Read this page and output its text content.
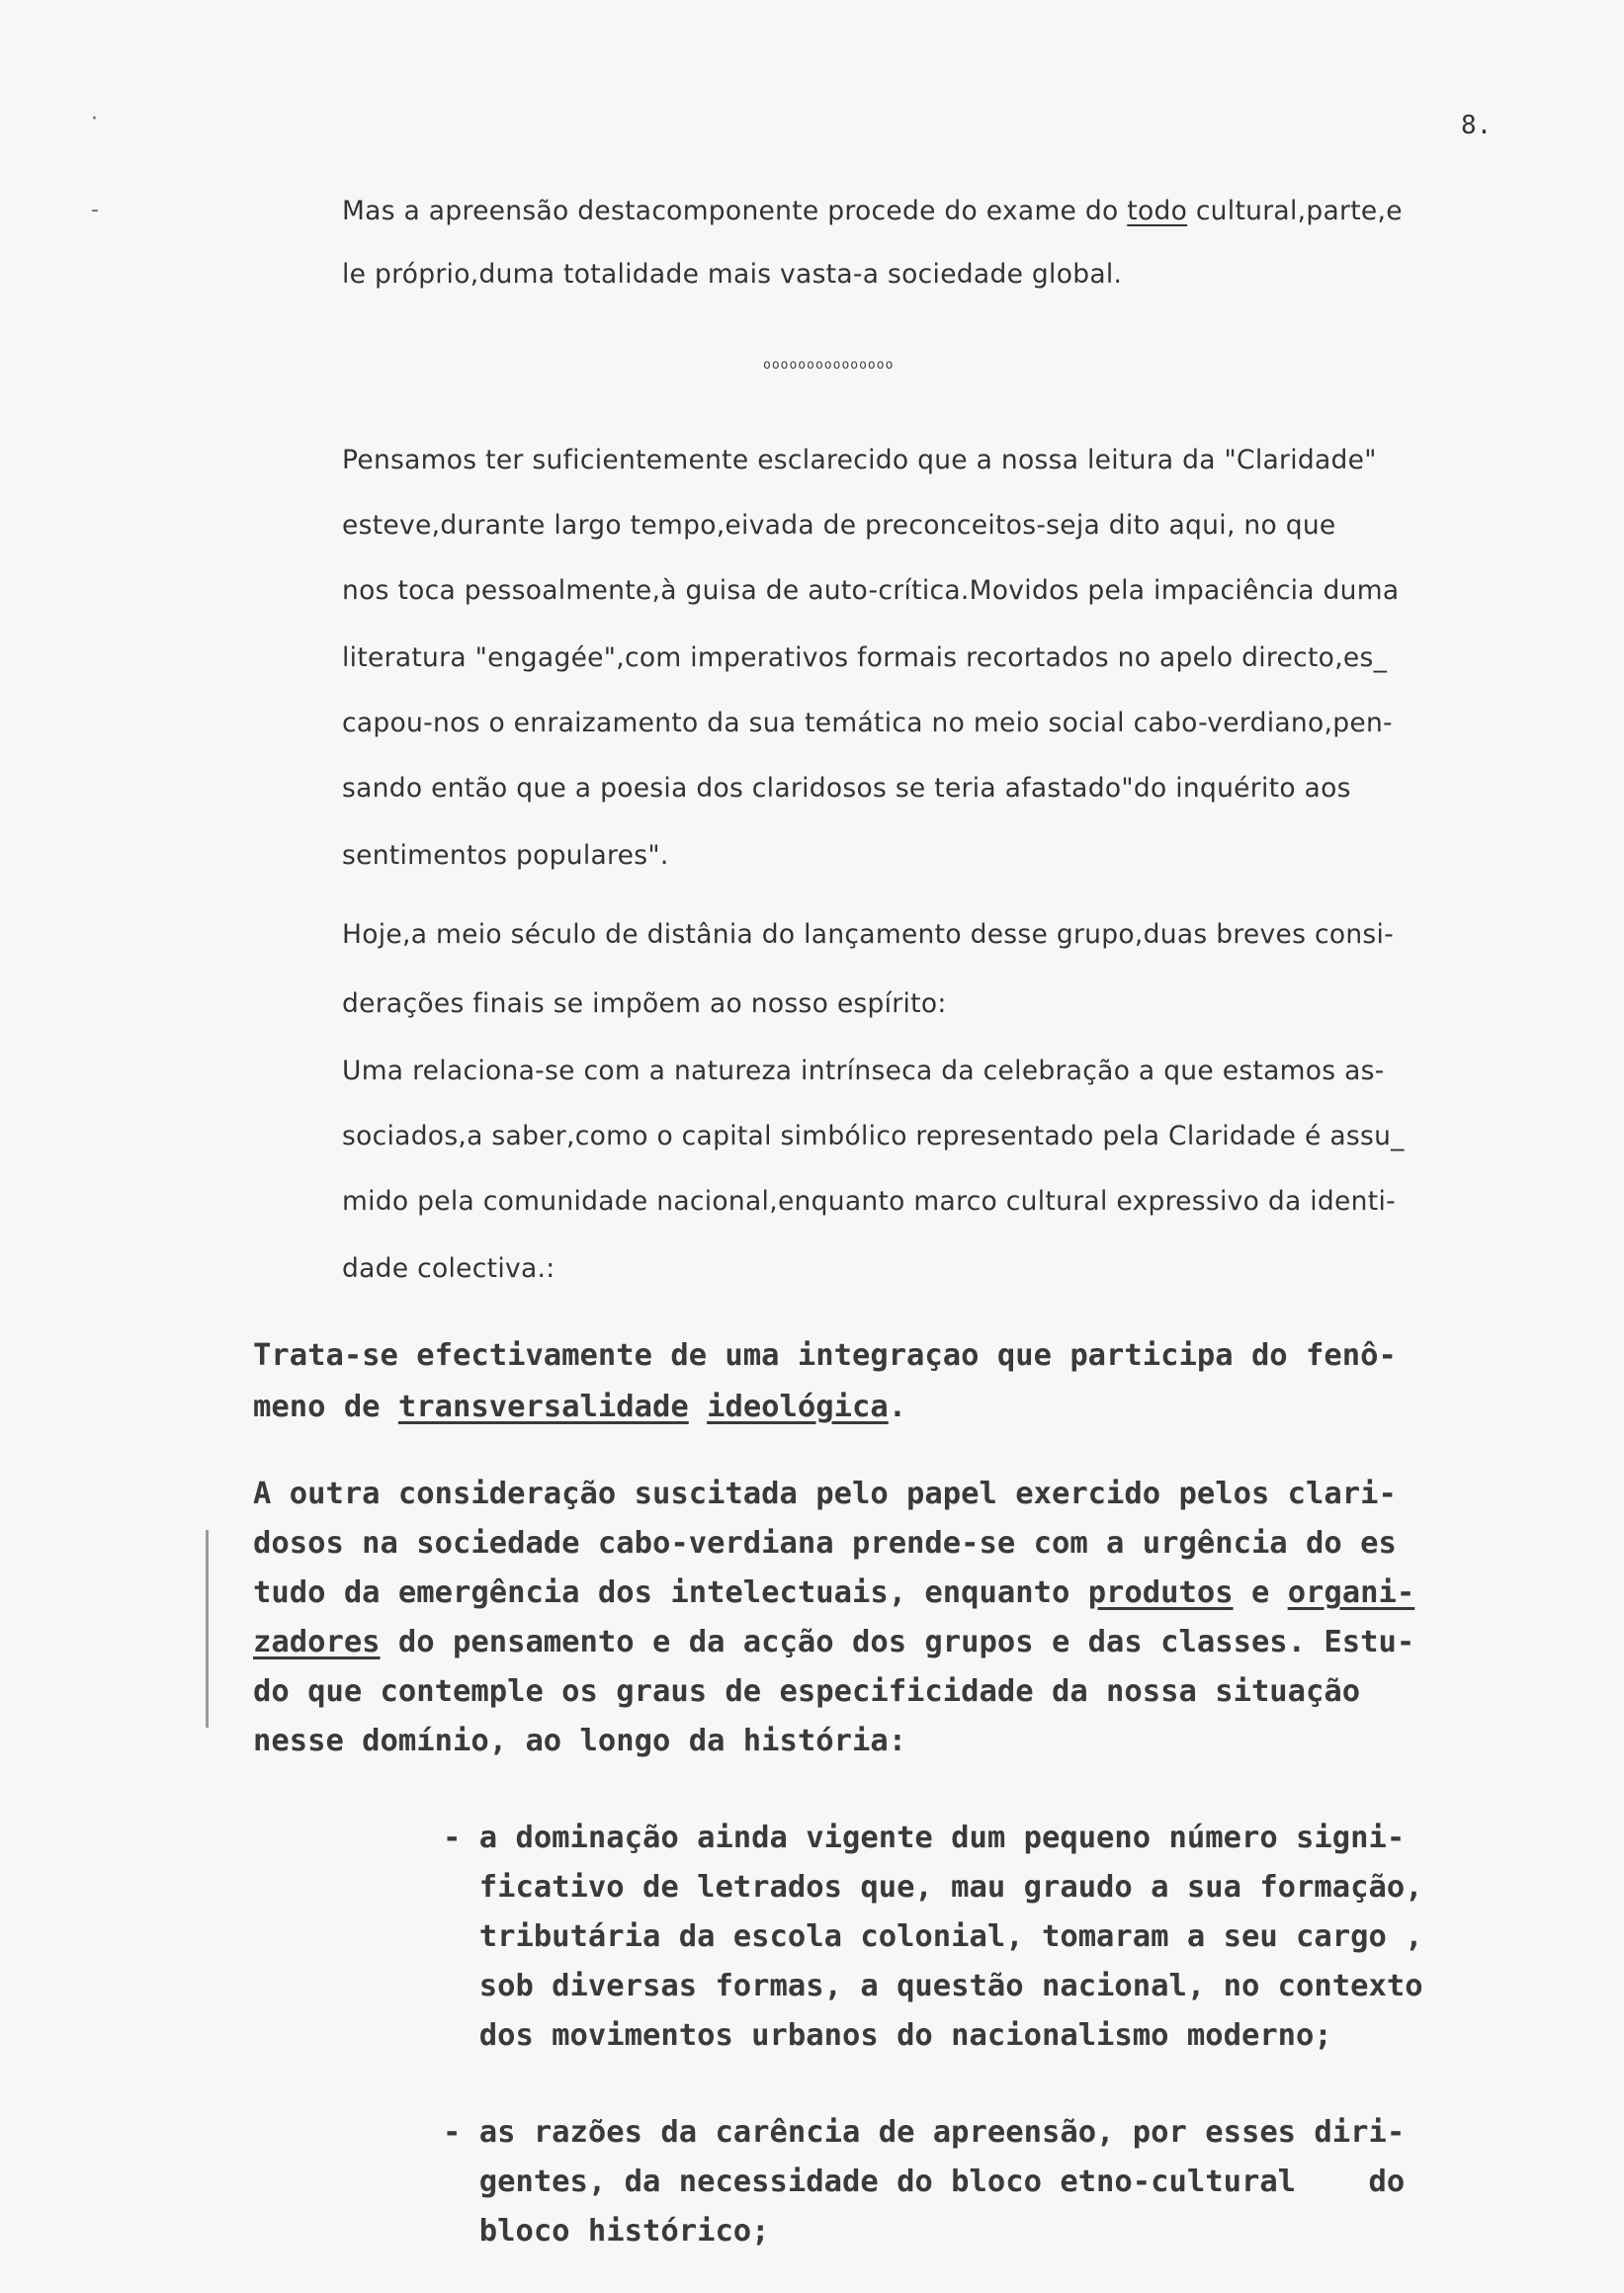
8.
·
-	Mas a apreensão destacomponente procede do exame do todo cultural,parte,e
le próprio,duma totalidade mais vasta-a sociedade global.
ooooooooooooooo
Pensamos ter suficientemente esclarecido que a nossa leitura da "Claridade"
esteve,durante largo tempo,eivada de preconceitos-seja dito aqui, no que
nos toca pessoalmente,à guisa de auto-crítica.Movidos pela impaciência duma
literatura "engagée",com imperativos formais recortados no apelo directo,es_
capou-nos o enraizamento da sua temática no meio social cabo-verdiano,pen-
sando então que a poesia dos claridosos se teria afastado"do inquérito aos
sentimentos populares".
Hoje,a meio século de distânia do lançamento desse grupo,duas breves consi-
derações finais se impõem ao nosso espírito:
Uma relaciona-se com a natureza intrínseca da celebração a que estamos as-
sociados,a saber,como o capital simbólico representado pela Claridade é assu_
mido pela comunidade nacional,enquanto marco cultural expressivo da identi-
dade colectiva.:
Trata-se efectivamente de uma integraçao que participa do fenô-
meno de transversalidade ideológica.
A outra consideração suscitada pelo papel exercido pelos clari-
dosos na sociedade cabo-verdiana prende-se com a urgência do es
tudo da emergência dos intelectuais, enquanto produtos e organi-
zadores do pensamento e da acção dos grupos e das classes. Estu-
do que contemple os graus de especificidade da nossa situação
nesse domínio, ao longo da história:
- a dominação ainda vigente dum pequeno número signi-
ficativo de letrados que, mau graudo a sua formação,
tributária da escola colonial, tomaram a seu cargo ,
sob diversas formas, a questão nacional, no contexto
dos movimentos urbanos do nacionalismo moderno;
- as razões da carência de apreensão, por esses diri-
gentes, da necessidade do bloco etno-cultural    do
bloco histórico;
